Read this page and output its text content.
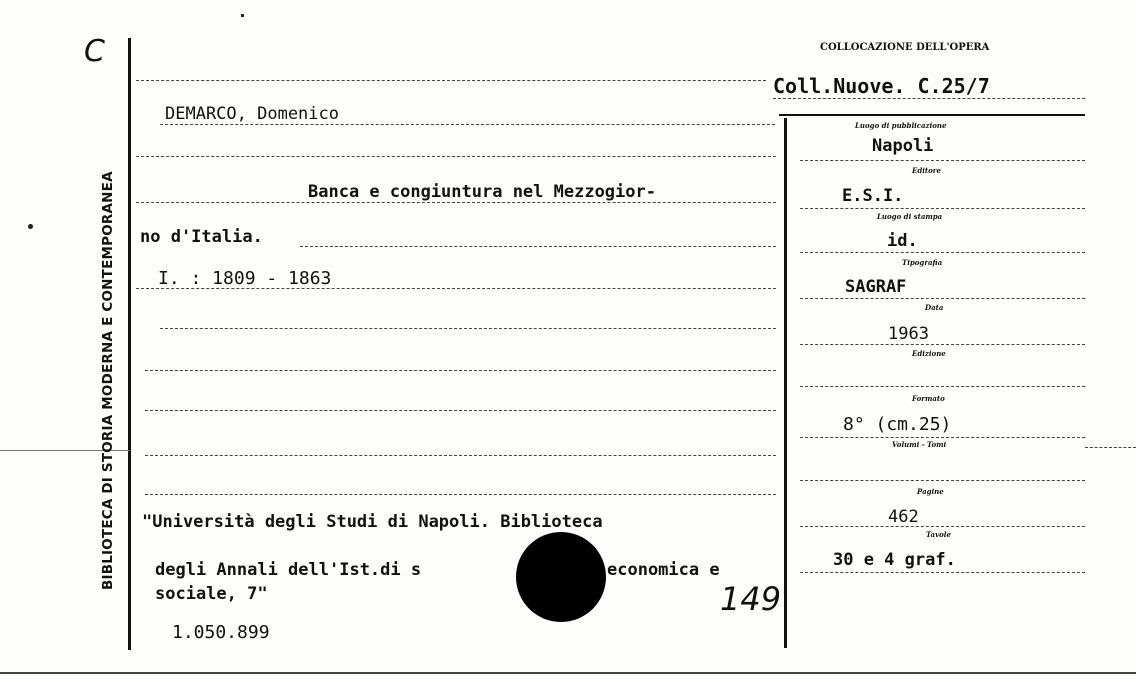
C
BIBLIOTECA DI STORIA MODERNA E CONTEMPORANEA
COLLOCAZIONE DELL'OPERA
Coll.Nuove. C.25/7
DEMARCO, Domenico
Banca e congiuntura nel Mezzogior-
no d'Italia.
I. : 1809 - 1863
"Università degli Studi di Napoli. Biblioteca
degli Annali dell'Ist.di s	economica e
sociale, 7"	149
1.050.899
Luogo di pubblicazione
Napoli
Editore
E.S.I.
Luogo di stampa
id.
Tipografia
SAGRAF
Data
1963
Edizione
Formato
8° (cm.25)
Volumi - Tomi
Pagine
462
Tavole
30 e 4 graf.
